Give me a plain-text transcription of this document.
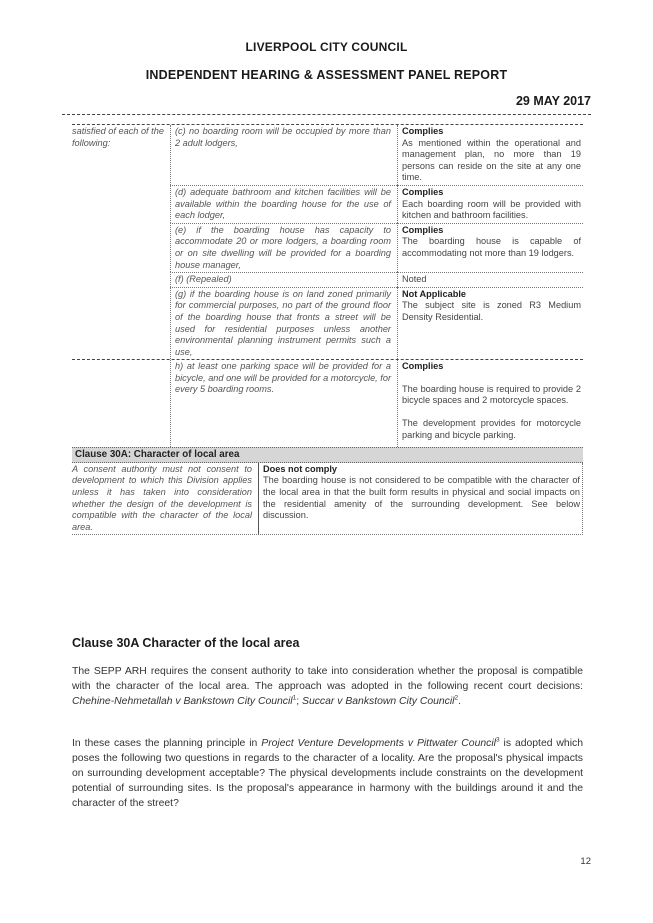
LIVERPOOL CITY COUNCIL
INDEPENDENT HEARING & ASSESSMENT PANEL REPORT
29 MAY 2017
satisfied of each of the following:
(c) no boarding room will be occupied by more than 2 adult lodgers,
Complies
As mentioned within the operational and management plan, no more than 19 persons can reside on the site at any one time.
(d) adequate bathroom and kitchen facilities will be available within the boarding house for the use of each lodger,
Complies
Each boarding room will be provided with kitchen and bathroom facilities.
(e) if the boarding house has capacity to accommodate 20 or more lodgers, a boarding room or on site dwelling will be provided for a boarding house manager,
Complies
The boarding house is capable of accommodating not more than 19 lodgers.
(f) (Repealed)	Noted
(g) if the boarding house is on land zoned primarily for commercial purposes, no part of the ground floor of the boarding house that fronts a street will be used for residential purposes unless another environmental planning instrument permits such a use,
Not Applicable
The subject site is zoned R3 Medium Density Residential.
h) at least one parking space will be provided for a bicycle, and one will be provided for a motorcycle, for every 5 boarding rooms.
Complies
The boarding house is required to provide 2 bicycle spaces and 2 motorcycle spaces.
The development provides for motorcycle parking and bicycle parking.
Clause 30A: Character of local area
A consent authority must not consent to development to which this Division applies unless it has taken into consideration whether the design of the development is compatible with the character of the local area.
Does not comply
The boarding house is not considered to be compatible with the character of the local area in that the built form results in physical and social impacts on the residential amenity of the surrounding development. See below discussion.
Clause 30A Character of the local area
The SEPP ARH requires the consent authority to take into consideration whether the proposal is compatible with the character of the local area. The approach was adopted in the following recent court decisions: Chehine-Nehmetallah v Bankstown City Council$^1$; Succar v Bankstown City Council$^2$.
In these cases the planning principle in Project Venture Developments v Pittwater Council$^3$ is adopted which poses the following two questions in regards to the character of a locality. Are the proposal's physical impacts on surrounding development acceptable? The physical developments include constraints on the development potential of surrounding sites. Is the proposal's appearance in harmony with the buildings around it and the character of the street?
12
